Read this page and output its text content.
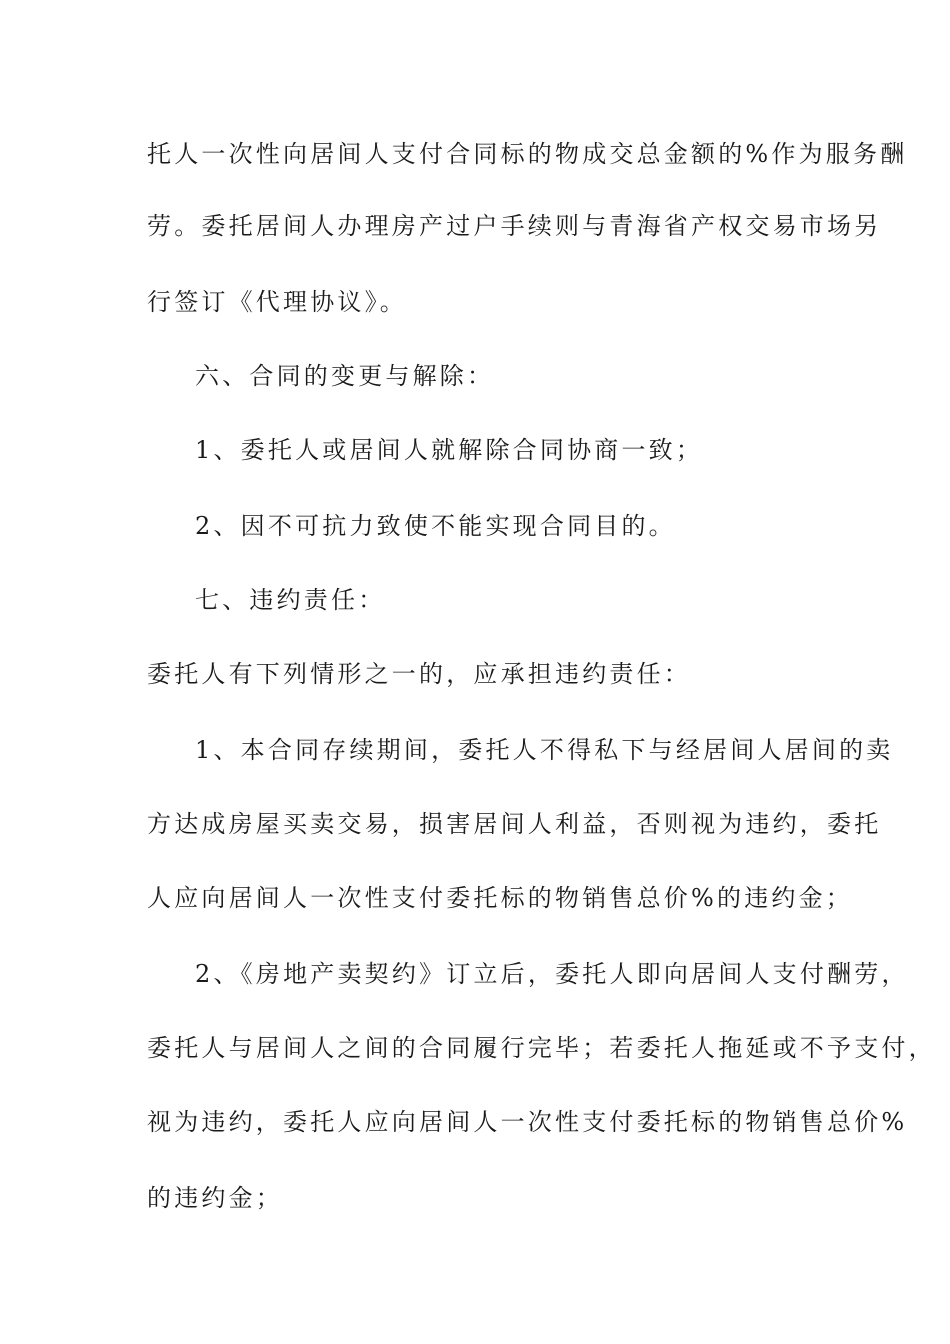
托人一次性向居间人支付合同标的物成交总金额的%作为服务酬
劳。委托居间人办理房产过户手续则与青海省产权交易市场另
行签订《代理协议》。
六、合同的变更与解除：
1、委托人或居间人就解除合同协商一致；
2、因不可抗力致使不能实现合同目的。
七、违约责任：
委托人有下列情形之一的，应承担违约责任：
1、本合同存续期间，委托人不得私下与经居间人居间的卖
方达成房屋买卖交易，损害居间人利益，否则视为违约，委托
人应向居间人一次性支付委托标的物销售总价%的违约金；
2、《房地产卖契约》订立后，委托人即向居间人支付酬劳，
委托人与居间人之间的合同履行完毕；若委托人拖延或不予支付，
视为违约，委托人应向居间人一次性支付委托标的物销售总价%
的违约金；
